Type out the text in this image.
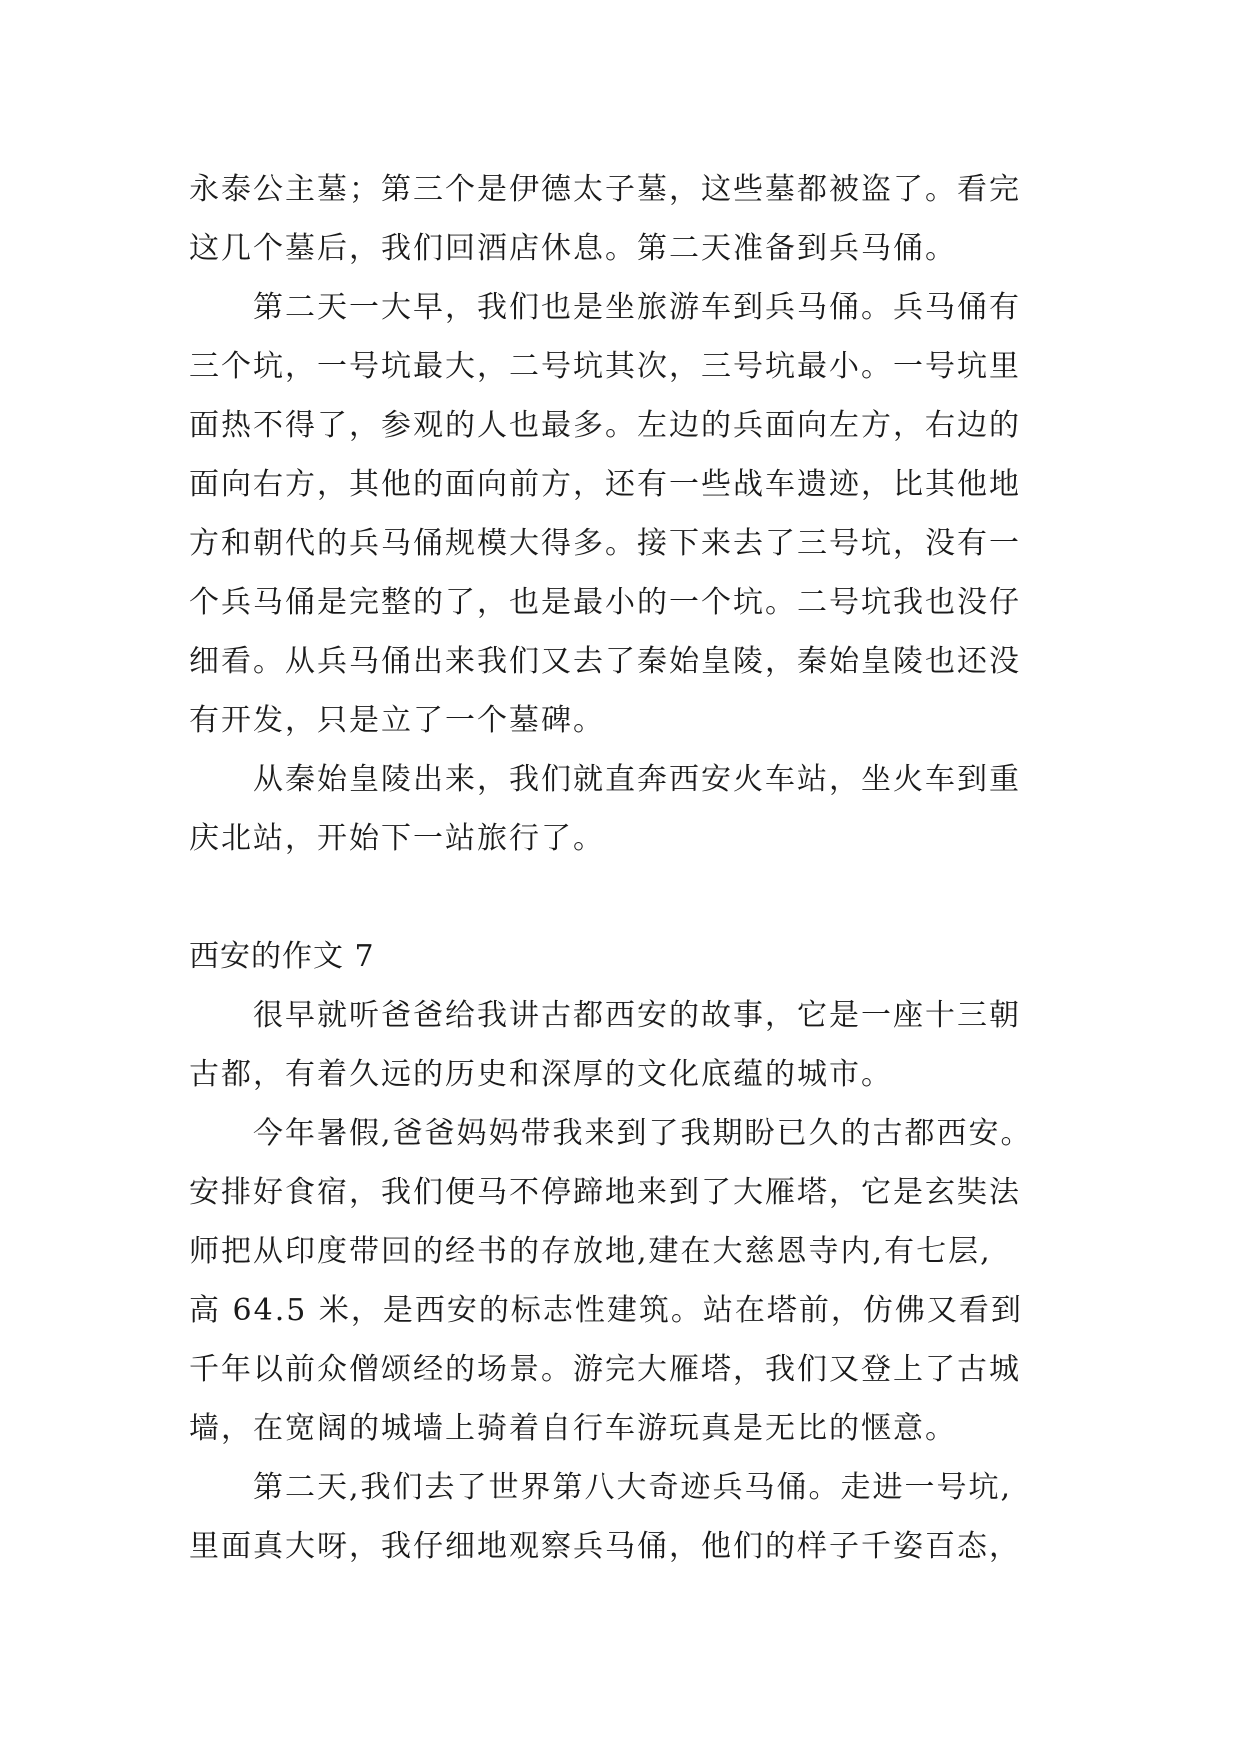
永泰公主墓；第三个是伊德太子墓，这些墓都被盗了。看完
这几个墓后，我们回酒店休息。第二天准备到兵马俑。

第二天一大早，我们也是坐旅游车到兵马俑。兵马俑有
三个坑，一号坑最大，二号坑其次，三号坑最小。一号坑里
面热不得了，参观的人也最多。左边的兵面向左方，右边的
面向右方，其他的面向前方，还有一些战车遗迹，比其他地
方和朝代的兵马俑规模大得多。接下来去了三号坑，没有一
个兵马俑是完整的了，也是最小的一个坑。二号坑我也没仔
细看。从兵马俑出来我们又去了秦始皇陵，秦始皇陵也还没
有开发，只是立了一个墓碑。

从秦始皇陵出来，我们就直奔西安火车站，坐火车到重
庆北站，开始下一站旅行了。

西安的作文 7

很早就听爸爸给我讲古都西安的故事，它是一座十三朝
古都，有着久远的历史和深厚的文化底蕴的城市。

今年暑假,爸爸妈妈带我来到了我期盼已久的古都西安。
安排好食宿，我们便马不停蹄地来到了大雁塔，它是玄奘法
师把从印度带回的经书的存放地,建在大慈恩寺内,有七层,
高 64.5 米，是西安的标志性建筑。站在塔前，仿佛又看到
千年以前众僧颂经的场景。游完大雁塔，我们又登上了古城
墙，在宽阔的城墙上骑着自行车游玩真是无比的惬意。

第二天,我们去了世界第八大奇迹兵马俑。走进一号坑,
里面真大呀，我仔细地观察兵马俑，他们的样子千姿百态，
